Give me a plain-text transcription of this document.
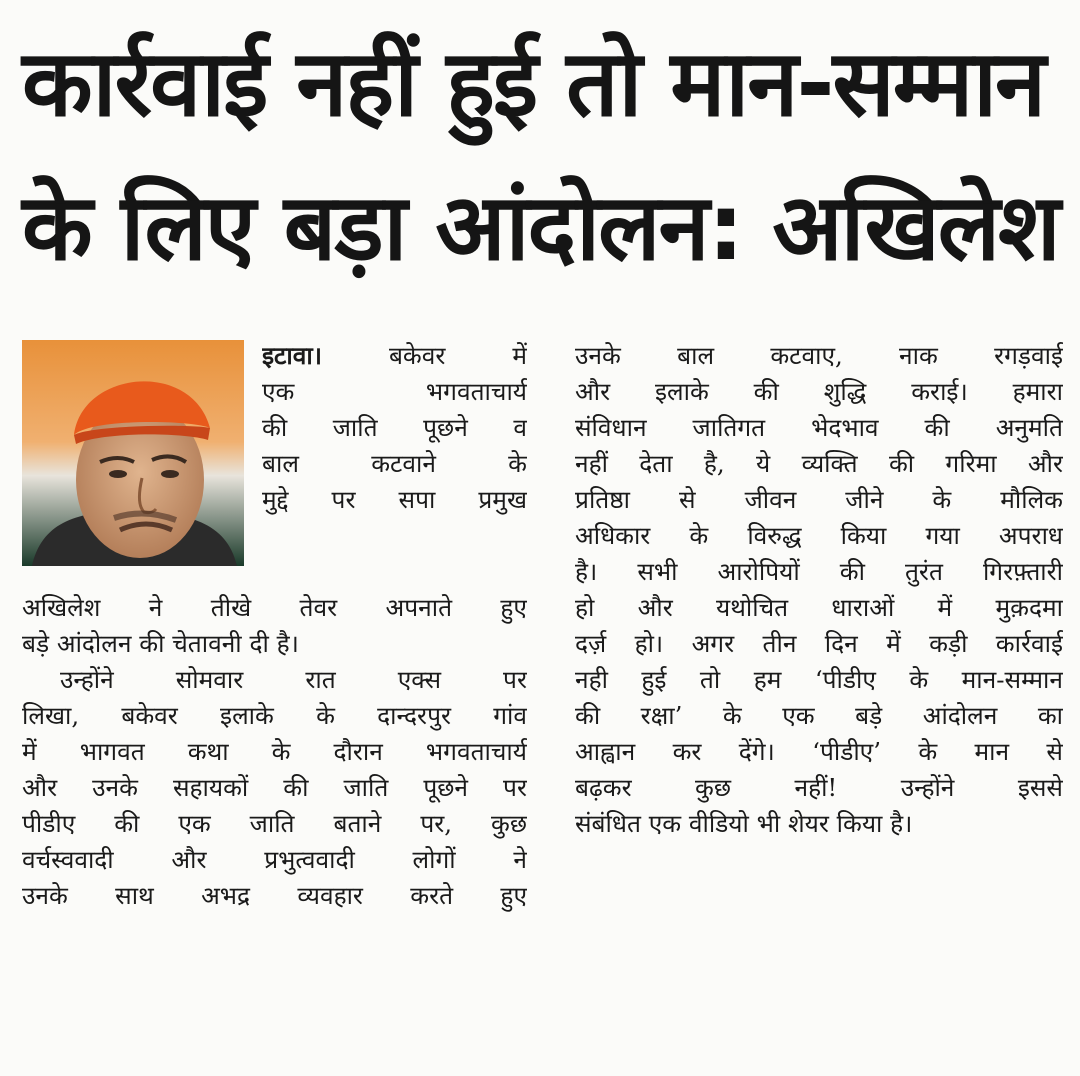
कार्रवाई नहीं हुई तो मान-सम्मान
के लिए बड़ा आंदोलन: अखिलेश
इटावा।	बकेवर में
एक भगवताचार्य
की जाति पूछने व
बाल कटवाने के
मुद्दे पर सपा प्रमुख
अखिलेश ने तीखे तेवर अपनाते हुए
बड़े आंदोलन की चेतावनी दी है।
उन्होंने सोमवार रात एक्स पर
लिखा, बकेवर इलाके के दान्दरपुर गांव
में भागवत कथा के दौरान भगवताचार्य
और उनके सहायकों की जाति पूछने पर
पीडीए की एक जाति बताने पर, कुछ
वर्चस्ववादी और प्रभुत्ववादी लोगों ने
उनके साथ अभद्र व्यवहार करते हुए
उनके बाल कटवाए, नाक रगड़वाई
और इलाके की शुद्धि कराई। हमारा
संविधान जातिगत भेदभाव की अनुमति
नहीं देता है, ये व्यक्ति की गरिमा और
प्रतिष्ठा से जीवन जीने के मौलिक
अधिकार के विरुद्ध किया गया अपराध
है। सभी आरोपियों की तुरंत गिरफ़्तारी
हो और यथोचित धाराओं में मुक़दमा
दर्ज़ हो। अगर तीन दिन में कड़ी कार्रवाई
नही हुई तो हम ‘पीडीए के मान-सम्मान
की रक्षा’ के एक बड़े आंदोलन का
आह्वान कर देंगे। ‘पीडीए’ के मान से
बढ़कर कुछ नहीं! उन्होंने इससे
संबंधित एक वीडियो भी शेयर किया है।
